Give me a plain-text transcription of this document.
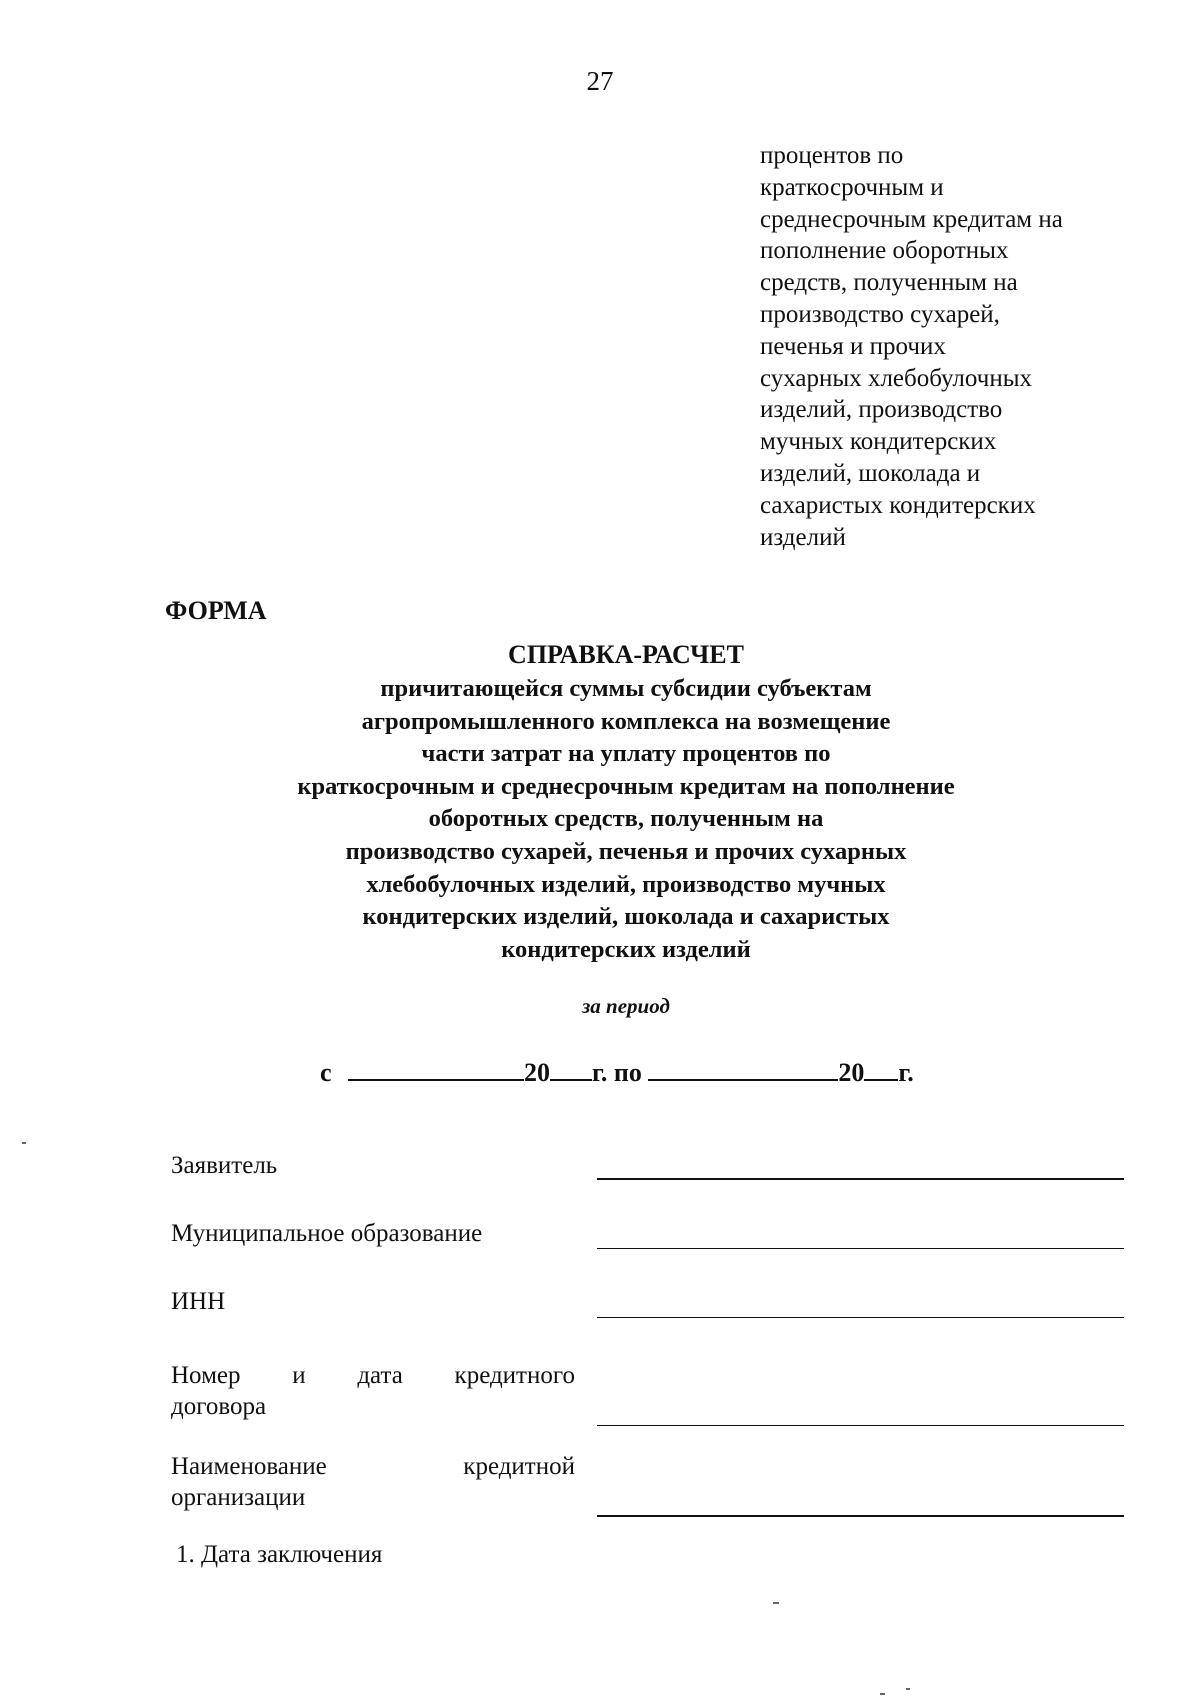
27
процентов по
краткосрочным и
среднесрочным кредитам на
пополнение оборотных
средств, полученным на
производство сухарей,
печенья и прочих
сухарных хлебобулочных
изделий, производство
мучных кондитерских
изделий, шоколада и
сахаристых кондитерских
изделий
ФОРМА
СПРАВКА-РАСЧЕТ
причитающейся суммы субсидии субъектам
агропромышленного комплекса на возмещение
части затрат на уплату процентов по
краткосрочным и среднесрочным кредитам на пополнение
оборотных средств, полученным на
производство сухарей, печенья и прочих сухарных
хлебобулочных изделий, производство мучных
кондитерских изделий, шоколада и сахаристых
кондитерских изделий
за период
с	20 г. по	20 г.
Заявитель
Муниципальное образование
ИНН
Номер и дата кредитного
договора
Наименование	кредитной
организации
1. Дата заключения
